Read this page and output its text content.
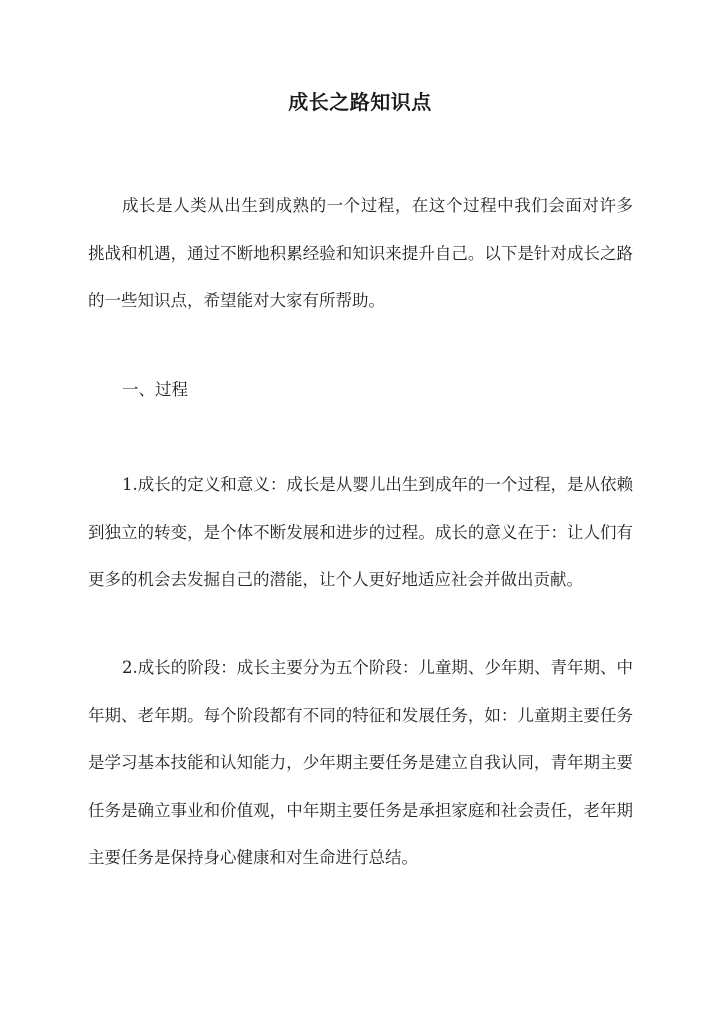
成长之路知识点

成长是人类从出生到成熟的一个过程，在这个过程中我们会面对许多挑战和机遇，通过不断地积累经验和知识来提升自己。以下是针对成长之路的一些知识点，希望能对大家有所帮助。

一、过程

1.成长的定义和意义：成长是从婴儿出生到成年的一个过程，是从依赖到独立的转变，是个体不断发展和进步的过程。成长的意义在于：让人们有更多的机会去发掘自己的潜能，让个人更好地适应社会并做出贡献。

2.成长的阶段：成长主要分为五个阶段：儿童期、少年期、青年期、中年期、老年期。每个阶段都有不同的特征和发展任务，如：儿童期主要任务是学习基本技能和认知能力，少年期主要任务是建立自我认同，青年期主要任务是确立事业和价值观，中年期主要任务是承担家庭和社会责任，老年期主要任务是保持身心健康和对生命进行总结。
